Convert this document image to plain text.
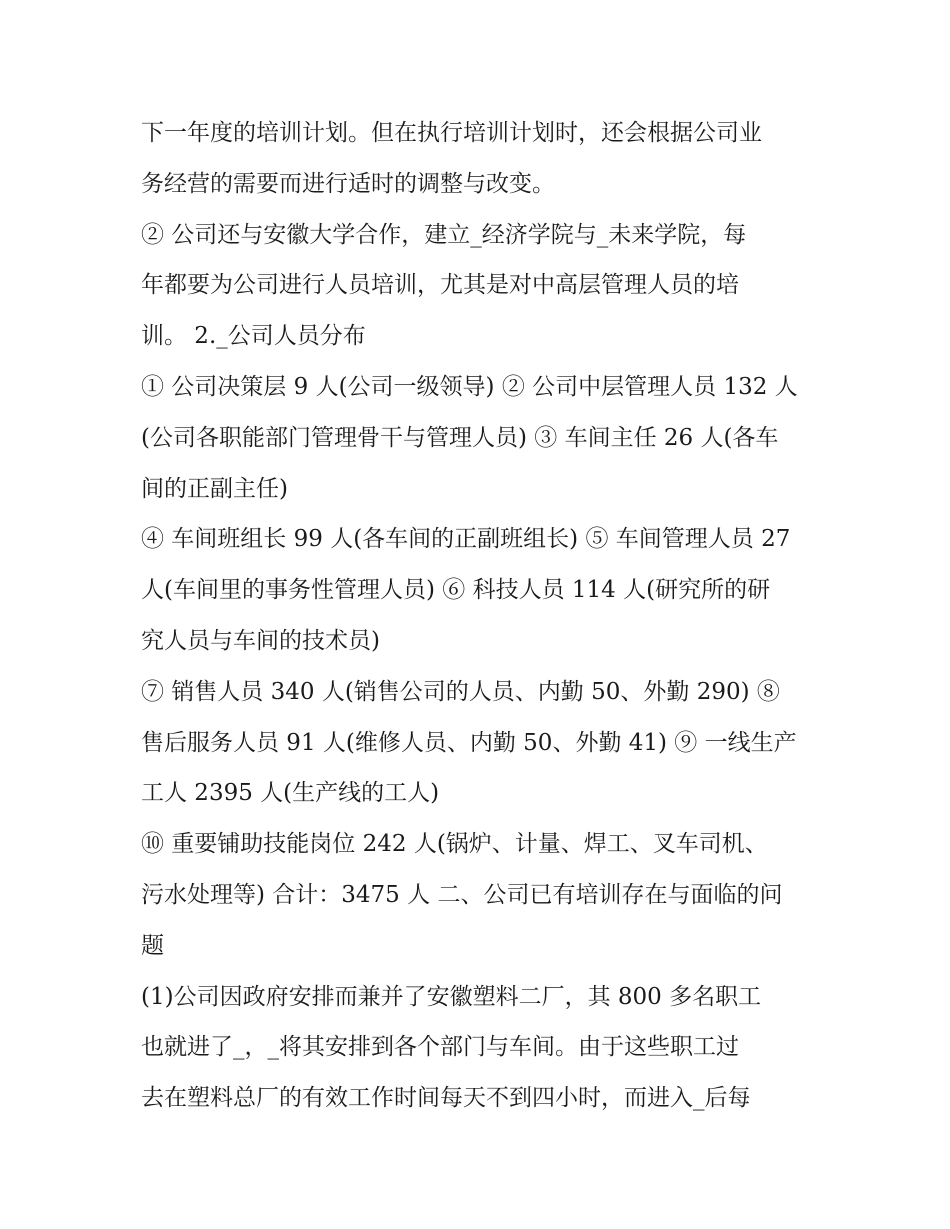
下一年度的培训计划。但在执行培训计划时，还会根据公司业
务经营的需要而进行适时的调整与改变。
② 公司还与安徽大学合作，建立_经济学院与_未来学院，每
年都要为公司进行人员培训，尤其是对中高层管理人员的培
训。 2._公司人员分布
① 公司决策层 9 人(公司一级领导) ② 公司中层管理人员 132 人
(公司各职能部门管理骨干与管理人员) ③ 车间主任 26 人(各车
间的正副主任)
④ 车间班组长 99 人(各车间的正副班组长) ⑤ 车间管理人员 27
人(车间里的事务性管理人员) ⑥ 科技人员 114 人(研究所的研
究人员与车间的技术员)
⑦ 销售人员 340 人(销售公司的人员、内勤 50、外勤 290) ⑧
售后服务人员 91 人(维修人员、内勤 50、外勤 41) ⑨ 一线生产
工人 2395 人(生产线的工人)
⑩ 重要铺助技能岗位 242 人(锅炉、计量、焊工、叉车司机、
污水处理等) 合计：3475 人 二、公司已有培训存在与面临的问
题
(1)公司因政府安排而兼并了安徽塑料二厂，其 800 多名职工
也就进了_，_将其安排到各个部门与车间。由于这些职工过
去在塑料总厂的有效工作时间每天不到四小时，而进入_后每
